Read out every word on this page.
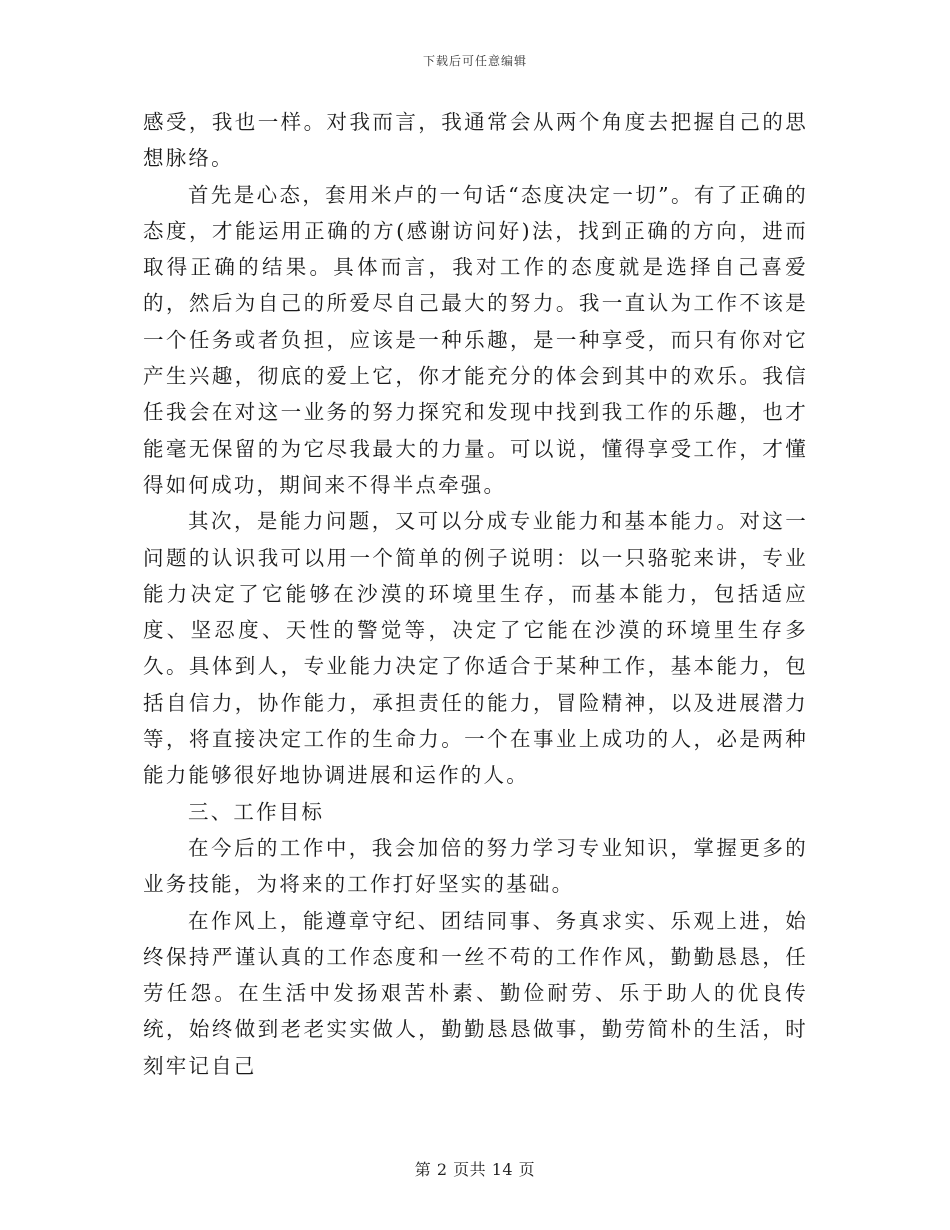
下载后可任意编辑

感受，我也一样。对我而言，我通常会从两个角度去把握自己的思想脉络。

首先是心态，套用米卢的一句话“态度决定一切”。有了正确的态度，才能运用正确的方(感谢访问好)法，找到正确的方向，进而取得正确的结果。具体而言，我对工作的态度就是选择自己喜爱的，然后为自己的所爱尽自己最大的努力。我一直认为工作不该是一个任务或者负担，应该是一种乐趣，是一种享受，而只有你对它产生兴趣，彻底的爱上它，你才能充分的体会到其中的欢乐。我信任我会在对这一业务的努力探究和发现中找到我工作的乐趣，也才能毫无保留的为它尽我最大的力量。可以说，懂得享受工作，才懂得如何成功，期间来不得半点牵强。

其次，是能力问题，又可以分成专业能力和基本能力。对这一问题的认识我可以用一个简单的例子说明：以一只骆驼来讲，专业能力决定了它能够在沙漠的环境里生存，而基本能力，包括适应度、坚忍度、天性的警觉等，决定了它能在沙漠的环境里生存多久。具体到人，专业能力决定了你适合于某种工作，基本能力，包括自信力，协作能力，承担责任的能力，冒险精神，以及进展潜力等，将直接决定工作的生命力。一个在事业上成功的人，必是两种能力能够很好地协调进展和运作的人。

三、工作目标

在今后的工作中，我会加倍的努力学习专业知识，掌握更多的业务技能，为将来的工作打好坚实的基础。

在作风上，能遵章守纪、团结同事、务真求实、乐观上进，始终保持严谨认真的工作态度和一丝不苟的工作作风，勤勤恳恳，任劳任怨。在生活中发扬艰苦朴素、勤俭耐劳、乐于助人的优良传统，始终做到老老实实做人，勤勤恳恳做事，勤劳简朴的生活，时刻牢记自己

第 2 页共 14 页
